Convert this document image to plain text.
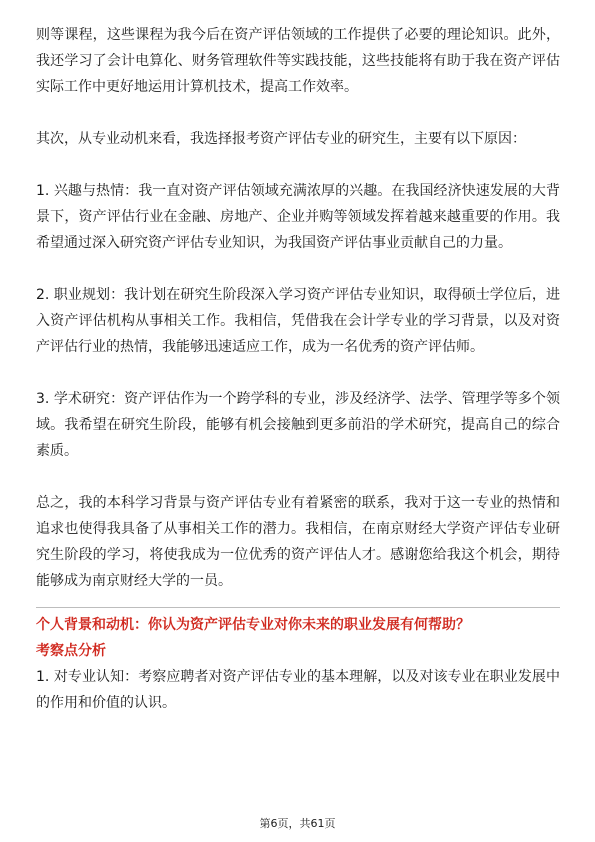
则等课程，这些课程为我今后在资产评估领域的工作提供了必要的理论知识。此外，我还学习了会计电算化、财务管理软件等实践技能，这些技能将有助于我在资产评估实际工作中更好地运用计算机技术，提高工作效率。

其次，从专业动机来看，我选择报考资产评估专业的研究生，主要有以下原因：

1. 兴趣与热情：我一直对资产评估领域充满浓厚的兴趣。在我国经济快速发展的大背景下，资产评估行业在金融、房地产、企业并购等领域发挥着越来越重要的作用。我希望通过深入研究资产评估专业知识，为我国资产评估事业贡献自己的力量。

2. 职业规划：我计划在研究生阶段深入学习资产评估专业知识，取得硕士学位后，进入资产评估机构从事相关工作。我相信，凭借我在会计学专业的学习背景，以及对资产评估行业的热情，我能够迅速适应工作，成为一名优秀的资产评估师。

3. 学术研究：资产评估作为一个跨学科的专业，涉及经济学、法学、管理学等多个领域。我希望在研究生阶段，能够有机会接触到更多前沿的学术研究，提高自己的综合素质。

总之，我的本科学习背景与资产评估专业有着紧密的联系，我对于这一专业的热情和追求也使得我具备了从事相关工作的潜力。我相信，在南京财经大学资产评估专业研究生阶段的学习，将使我成为一位优秀的资产评估人才。感谢您给我这个机会，期待能够成为南京财经大学的一员。

个人背景和动机：你认为资产评估专业对你未来的职业发展有何帮助？

考察点分析

1. 对专业认知：考察应聘者对资产评估专业的基本理解，以及对该专业在职业发展中的作用和价值的认识。

第6页，共61页
